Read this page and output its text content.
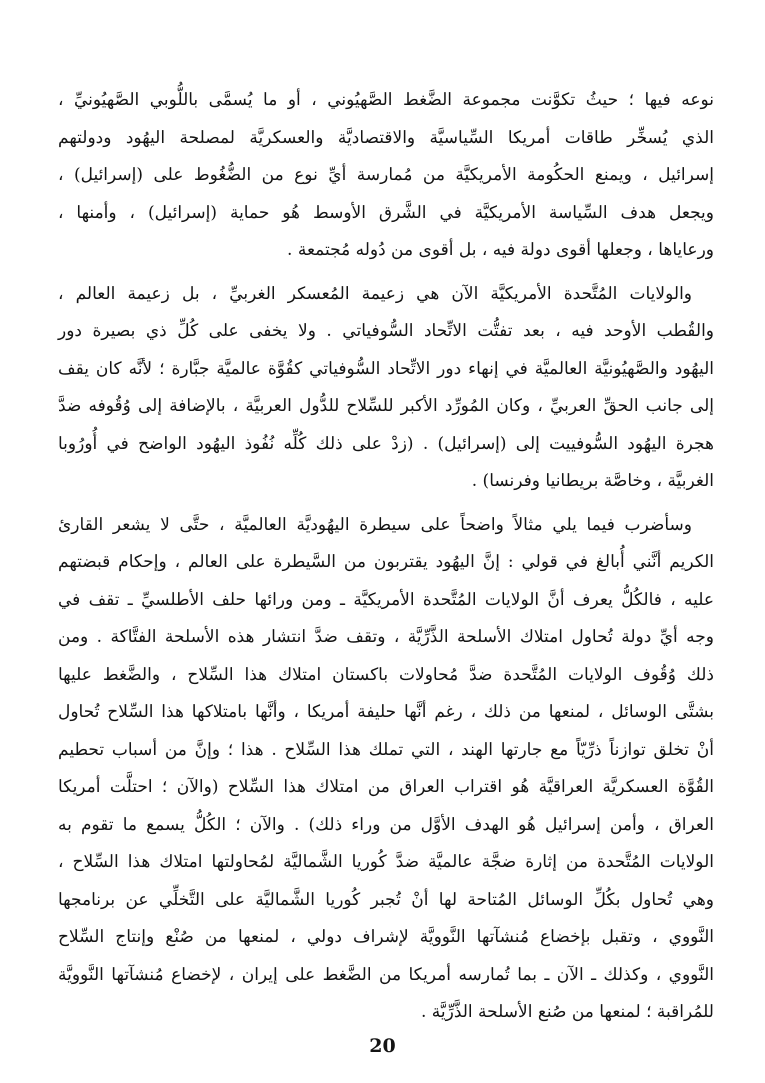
نوعه فيها ؛ حيثُ تكوَّنت مجموعة الضَّغط الصَّهيُوني ، أو ما يُسمَّى باللُّوبي الصَّهيُونيِّ ،
الذي يُسخِّر طاقات أمريكا السِّياسيَّة والاقتصاديَّة والعسكريَّة لمصلحة اليهُود ودولتهم
إسرائيل ، ويمنع الحكُومة الأمريكيَّة من مُمارسة أيِّ نوع من الضُّغُوط على (إسرائيل) ،
ويجعل هدف السِّياسة الأمريكيَّة في الشَّرق الأوسط هُو حماية (إسرائيل) ، وأمنها ،
ورعاياها ، وجعلها أقوى دولة فيه ، بل أقوى من دُوله مُجتمعة .
والولايات المُتَّحدة الأمريكيَّة الآن هي زعيمة المُعسكر الغربيِّ ، بل زعيمة العالم ،
والقُطب الأوحد فيه ، بعد تفتُّت الاتِّحاد السُّوفياتي . ولا يخفى على كُلِّ ذي بصيرة دور
اليهُود والصَّهيُونيَّة العالميَّة في إنهاء دور الاتِّحاد السُّوفياتي كقُوَّة عالميَّة جبَّارة ؛ لأنَّه كان يقف
إلى جانب الحقِّ العربيِّ ، وكان المُورِّد الأكبر للسِّلاح للدُّول العربيَّة ، بالإضافة إلى وُقُوفه ضدَّ
هجرة اليهُود السُّوفييت إلى (إسرائيل) . (زدْ على ذلك كُلِّه نُفُوذ اليهُود الواضح في أُورُوبا
الغربيَّة ، وخاصَّة بريطانيا وفرنسا) .
وسأضرب فيما يلي مثالاً واضحاً على سيطرة اليهُوديَّة العالميَّة ، حتَّى لا يشعر القارئ
الكريم أنَّني أُبالغ في قولي : إنَّ اليهُود يقتربون من السَّيطرة على العالم ، وإحكام قبضتهم
عليه ، فالكُلُّ يعرف أنَّ الولايات المُتَّحدة الأمريكيَّة ـ ومن ورائها حلف الأطلسيِّ ـ تقف في
وجه أيِّ دولة تُحاول امتلاك الأسلحة الذَّرِّيَّة ، وتقف ضدَّ انتشار هذه الأسلحة الفتَّاكة . ومن
ذلك وُقُوف الولايات المُتَّحدة ضدَّ مُحاولات باكستان امتلاك هذا السِّلاح ، والضَّغط عليها
بشتَّى الوسائل ، لمنعها من ذلك ، رغم أنَّها حليفة أمريكا ، وأنَّها بامتلاكها هذا السِّلاح تُحاول
أنْ تخلق توازناً ذرِّيّاً مع جارتها الهند ، التي تملك هذا السِّلاح . هذا ؛ وإنَّ من أسباب تحطيم
القُوَّة العسكريَّة العراقيَّة هُو اقتراب العراق من امتلاك هذا السِّلاح (والآن ؛ احتلَّت أمريكا
العراق ، وأمن إسرائيل هُو الهدف الأوَّل من وراء ذلك) . والآن ؛ الكُلُّ يسمع ما تقوم به
الولايات المُتَّحدة من إثارة ضجَّة عالميَّة ضدَّ كُوريا الشَّماليَّة لمُحاولتها امتلاك هذا السِّلاح ،
وهي تُحاول بكُلِّ الوسائل المُتاحة لها أنْ تُجبر كُوريا الشَّماليَّة على التَّخلِّي عن برنامجها
النَّووي ، وتقبل بإخضاع مُنشآتها النَّوويَّة لإشراف دولي ، لمنعها من صُنْع وإنتاج السِّلاح
النَّووي ، وكذلك ـ الآن ـ بما تُمارسه أمريكا من الضَّغط على إيران ، لإخضاع مُنشآتها النَّوويَّة
للمُراقبة ؛ لمنعها من صُنع الأسلحة الذَّرِّيَّة .
20
